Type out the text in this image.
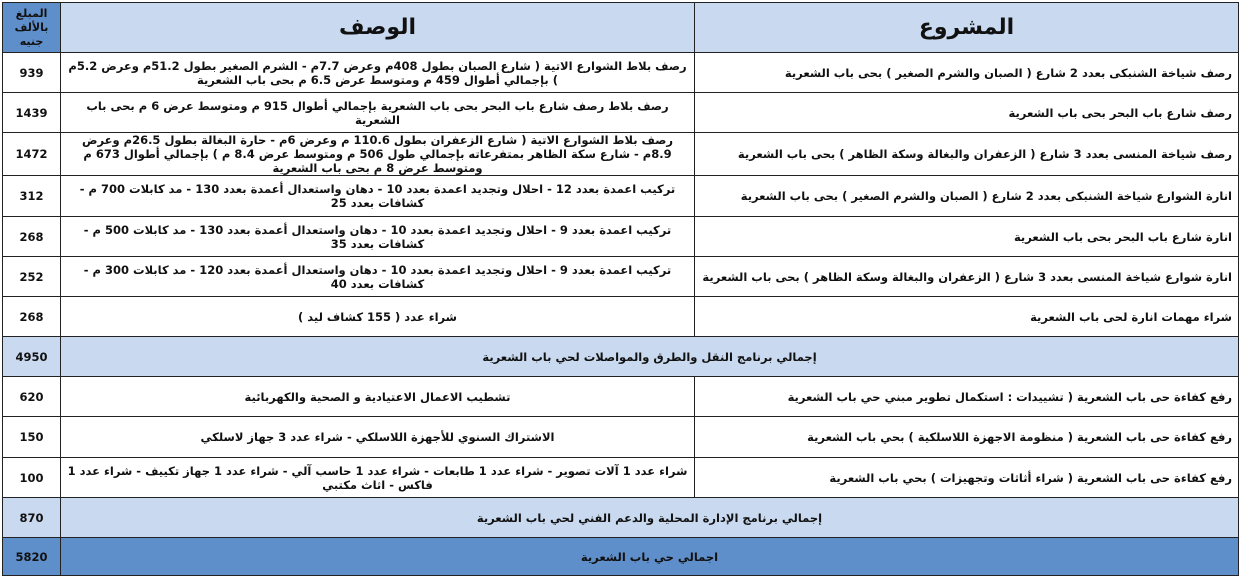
المبلغ بالألف جنيه	الوصف	المشروع
939	رصف بلاط الشوارع الاتية ( شارع الصبان بطول 408م وعرض 7.7م - الشرم الصغير بطول 51.2م وعرض 5.2م ) بإجمالي أطوال 459 م ومتوسط عرض 6.5 م بحى باب الشعرية	رصف شياخة الشنبكى بعدد 2 شارع ( الصبان والشرم الصغير ) بحى باب الشعرية
1439	رصف بلاط رصف شارع باب البحر بحى باب الشعرية بإجمالي أطوال 915 م ومتوسط عرض 6 م بحى باب الشعرية	رصف شارع باب البحر بحى باب الشعرية
1472	رصف بلاط الشوارع الاتية ( شارع الزعفران بطول 110.6 م وعرض 6م - حارة البغالة بطول 26.5م وعرض 8.9م - شارع سكة الظاهر بمتفرعاته بإجمالي طول 506 م ومتوسط عرض 8.4 م ) بإجمالي أطوال 673 م ومتوسط عرض 8 م بحى باب الشعرية	رصف شياخة المنسى بعدد 3 شارع ( الزعفران والبغالة وسكة الظاهر ) بحى باب الشعرية
312	تركيب اعمدة بعدد 12 - احلال وتجديد اعمدة بعدد 10 - دهان واستعدال أعمدة بعدد 130 - مد كابلات 700 م - كشافات بعدد 25	انارة الشوارع شياخة الشنبكى بعدد 2 شارع ( الصبان والشرم الصغير ) بحى باب الشعرية
268	تركيب اعمدة بعدد 9 - احلال وتجديد اعمدة بعدد 10 - دهان واستعدال أعمدة بعدد 130 - مد كابلات 500 م - كشافات بعدد 35	انارة شارع باب البحر بحى باب الشعرية
252	تركيب اعمدة بعدد 9 - احلال وتجديد اعمدة بعدد 10 - دهان واستعدال أعمدة بعدد 120 - مد كابلات 300 م - كشافات بعدد 40	انارة شوارع شياخة المنسى بعدد 3 شارع ( الزعفران والبغالة وسكة الظاهر ) بحى باب الشعرية
268	شراء عدد ( 155 كشاف ليد )	شراء مهمات انارة لحى باب الشعرية
4950	إجمالي برنامج النقل والطرق والمواصلات لحي باب الشعرية	
620	تشطيب الاعمال الاعتيادية و الصحية والكهربائية	رفع كفاءة حى باب الشعرية ( تشييدات : استكمال تطوير مبني حي باب الشعرية
150	الاشتراك السنوي للأجهزة اللاسلكي - شراء عدد 3 جهاز لاسلكي	رفع كفاءة حى باب الشعرية ( منظومة الاجهزة اللاسلكية ) بحي باب الشعرية
100	شراء عدد 1 آلات تصوير - شراء عدد 1 طابعات - شراء عدد 1 حاسب آلي - شراء عدد 1 جهاز تكييف - شراء عدد 1 فاكس - اثاث مكتبي	رفع كفاءة حى باب الشعرية ( شراء أثاثات وتجهيزات ) بحي باب الشعرية
870	إجمالي برنامج الإدارة المحلية والدعم الفني لحي باب الشعرية	
5820	اجمالي حي باب الشعرية	
